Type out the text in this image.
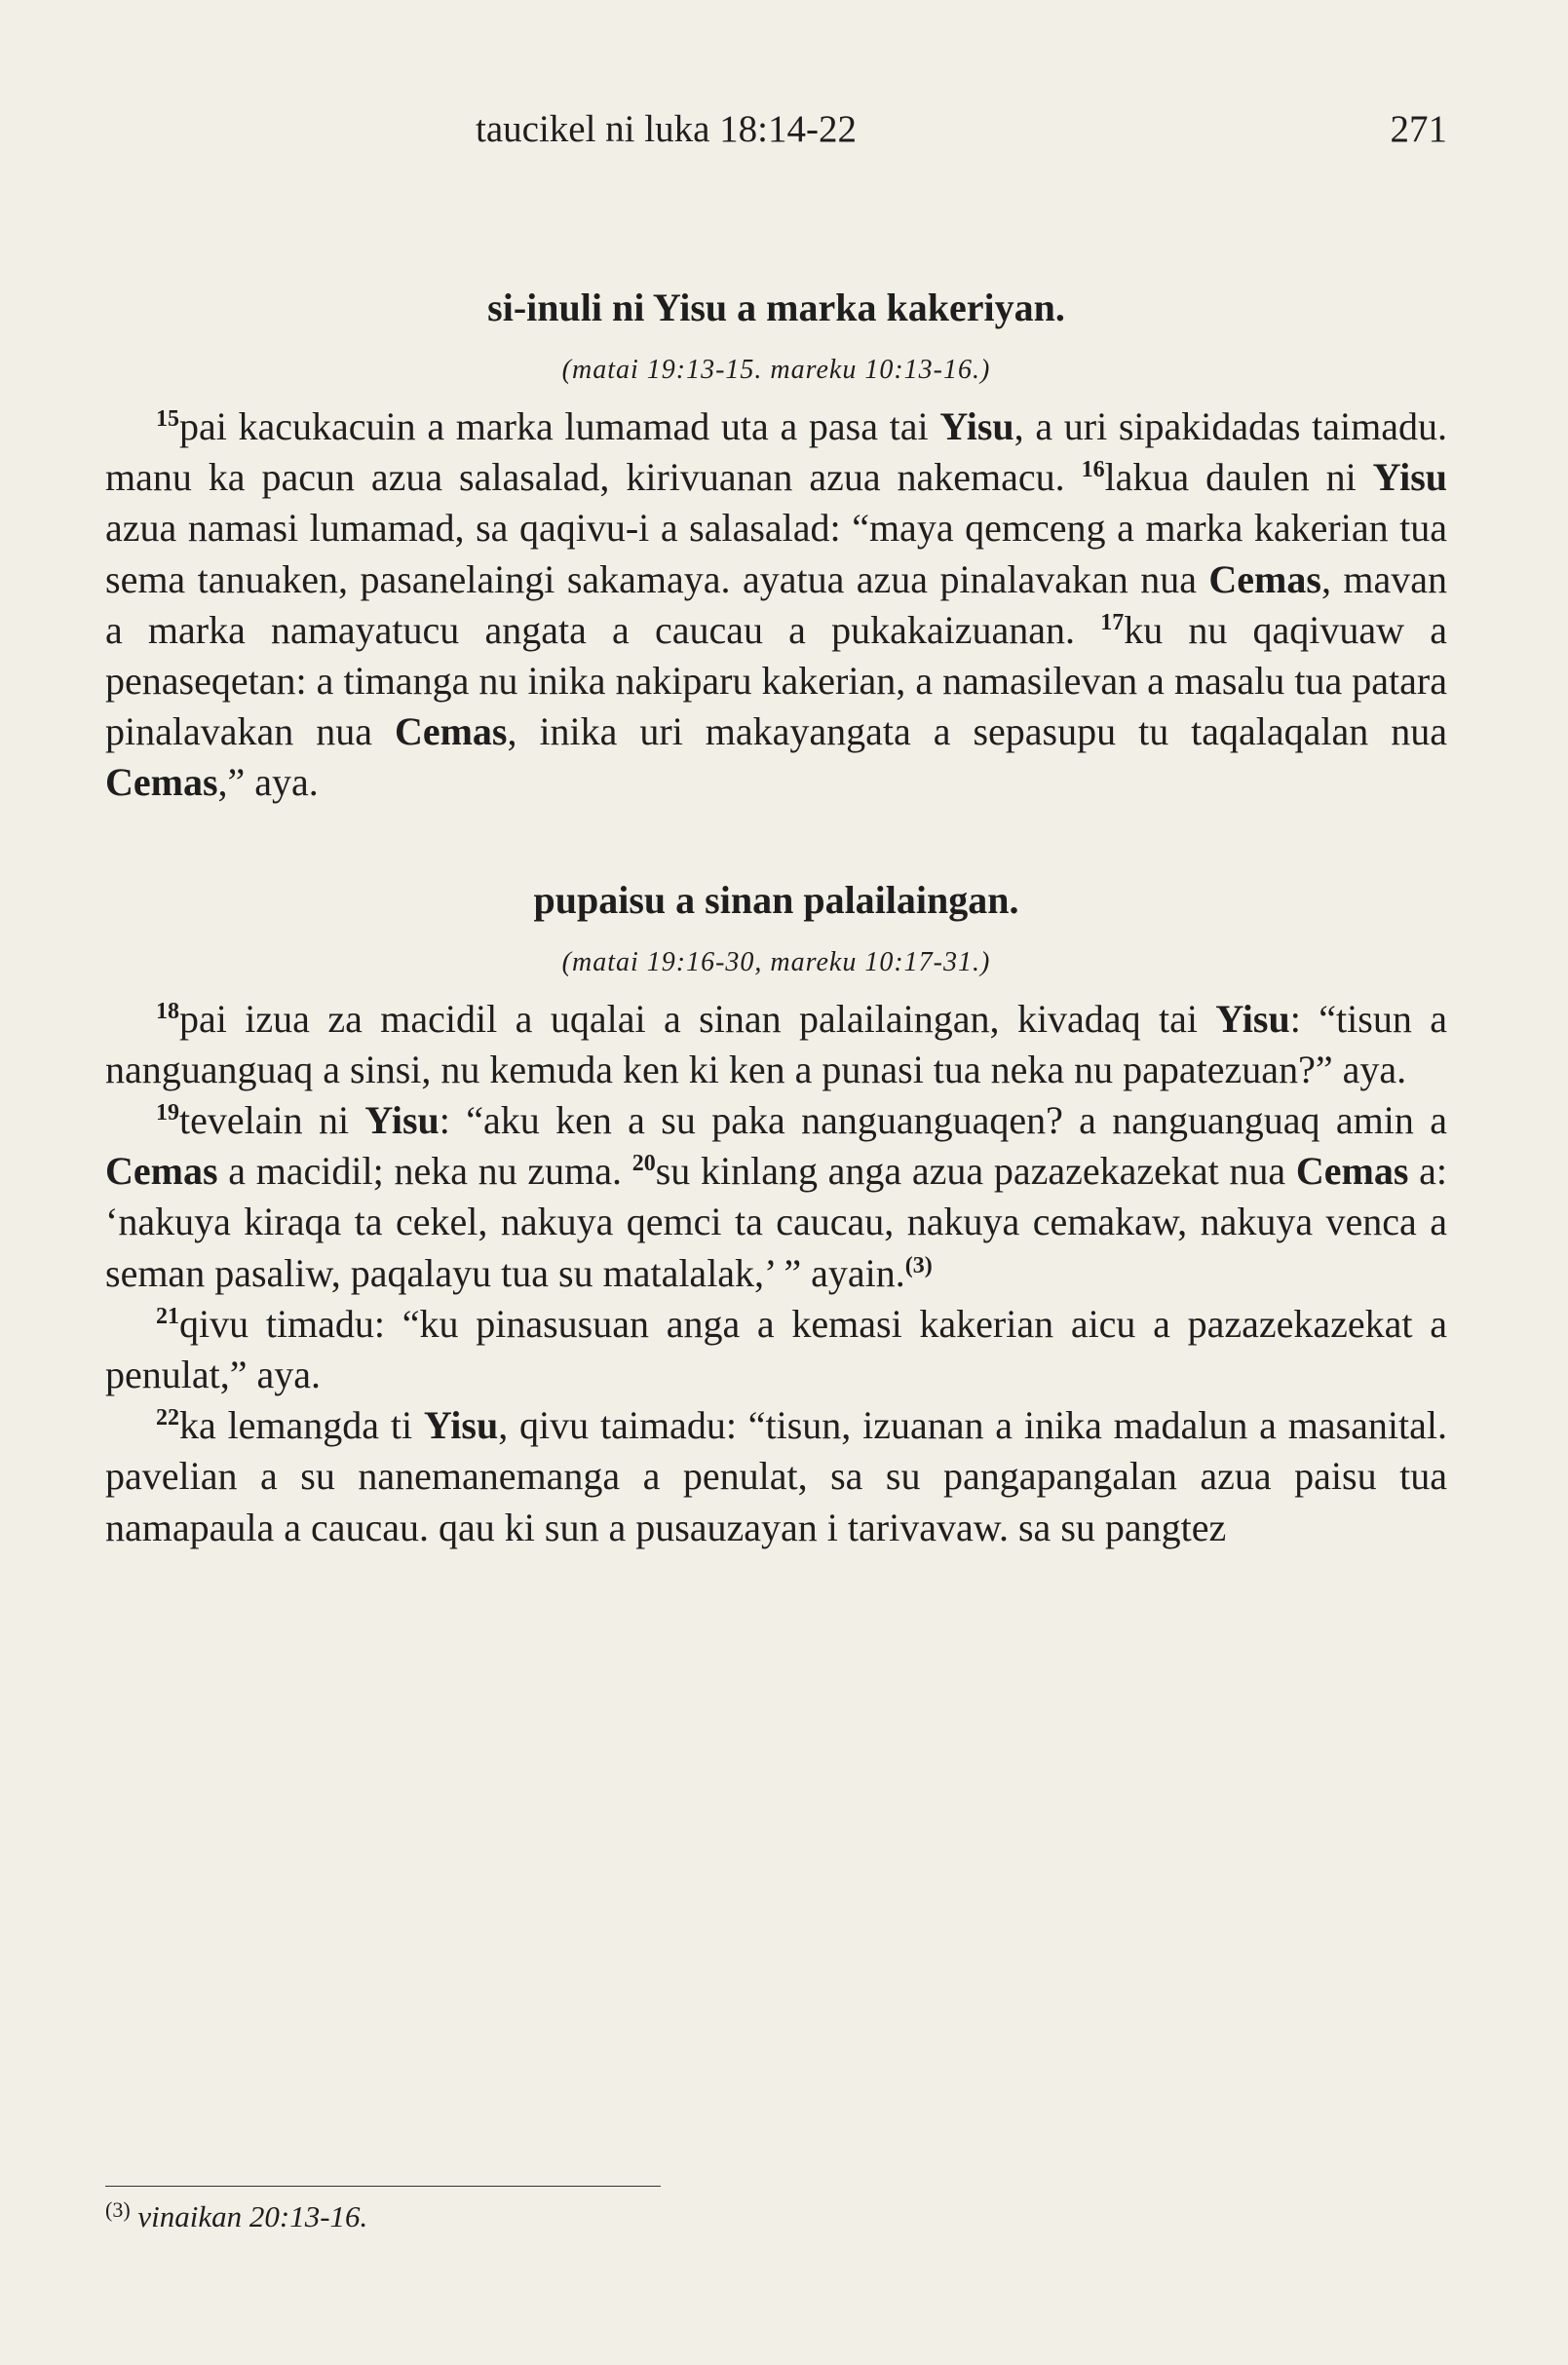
taucikel ni luka 18:14-22	271
si-inuli ni Yisu a marka kakeriyan.
(matai 19:13-15. mareku 10:13-16.)

$^{15}$pai kacukacuin a marka lumamad uta a pasa tai Yisu, a uri sipakidadas taimadu. manu ka pacun azua salasalad, kirivuanan azua nakemacu. $^{16}$lakua daulen ni Yisu azua namasi lumamad, sa qaqivu-i a salasalad: “maya qemceng a marka kakerian tua sema tanuaken, pasanelaingi sakamaya. ayatua azua pinalavakan nua Cemas, mavan a marka namayatucu angata a caucau a pukakaizuanan. $^{17}$ku nu qaqivuaw a penaseqetan: a timanga nu inika nakiparu kakerian, a namasilevan a masalu tua patara pinalavakan nua Cemas, inika uri makayangata a sepasupu tu taqalaqalan nua Cemas,” aya.

pupaisu a sinan palailaingan.
(matai 19:16-30, mareku 10:17-31.)

$^{18}$pai izua za macidil a uqalai a sinan palailaingan, kivadaq tai Yisu: “tisun a nanguanguaq a sinsi, nu kemuda ken ki ken a punasi tua neka nu papatezuan?” aya.

$^{19}$tevelain ni Yisu: “aku ken a su paka nanguanguaqen? a nanguanguaq amin a Cemas a macidil; neka nu zuma. $^{20}$su kinlang anga azua pazazekazekat nua Cemas a: ‘nakuya kiraqa ta cekel, nakuya qemci ta caucau, nakuya cemakaw, nakuya venca a seman pasaliw, paqalayu tua su matalalak,’ ” ayain.$^{(3)}$

$^{21}$qivu timadu: “ku pinasusuan anga a kemasi kakerian aicu a pazazekazekat a penulat,” aya.

$^{22}$ka lemangda ti Yisu, qivu taimadu: “tisun, izuanan a inika madalun a masanital. pavelian a su nanemanemanga a penulat, sa su pangapangalan azua paisu tua namapaula a caucau. qau ki sun a pusauzayan i tarivavaw. sa su pangtez

$^{(3)}$ vinaikan 20:13-16.
